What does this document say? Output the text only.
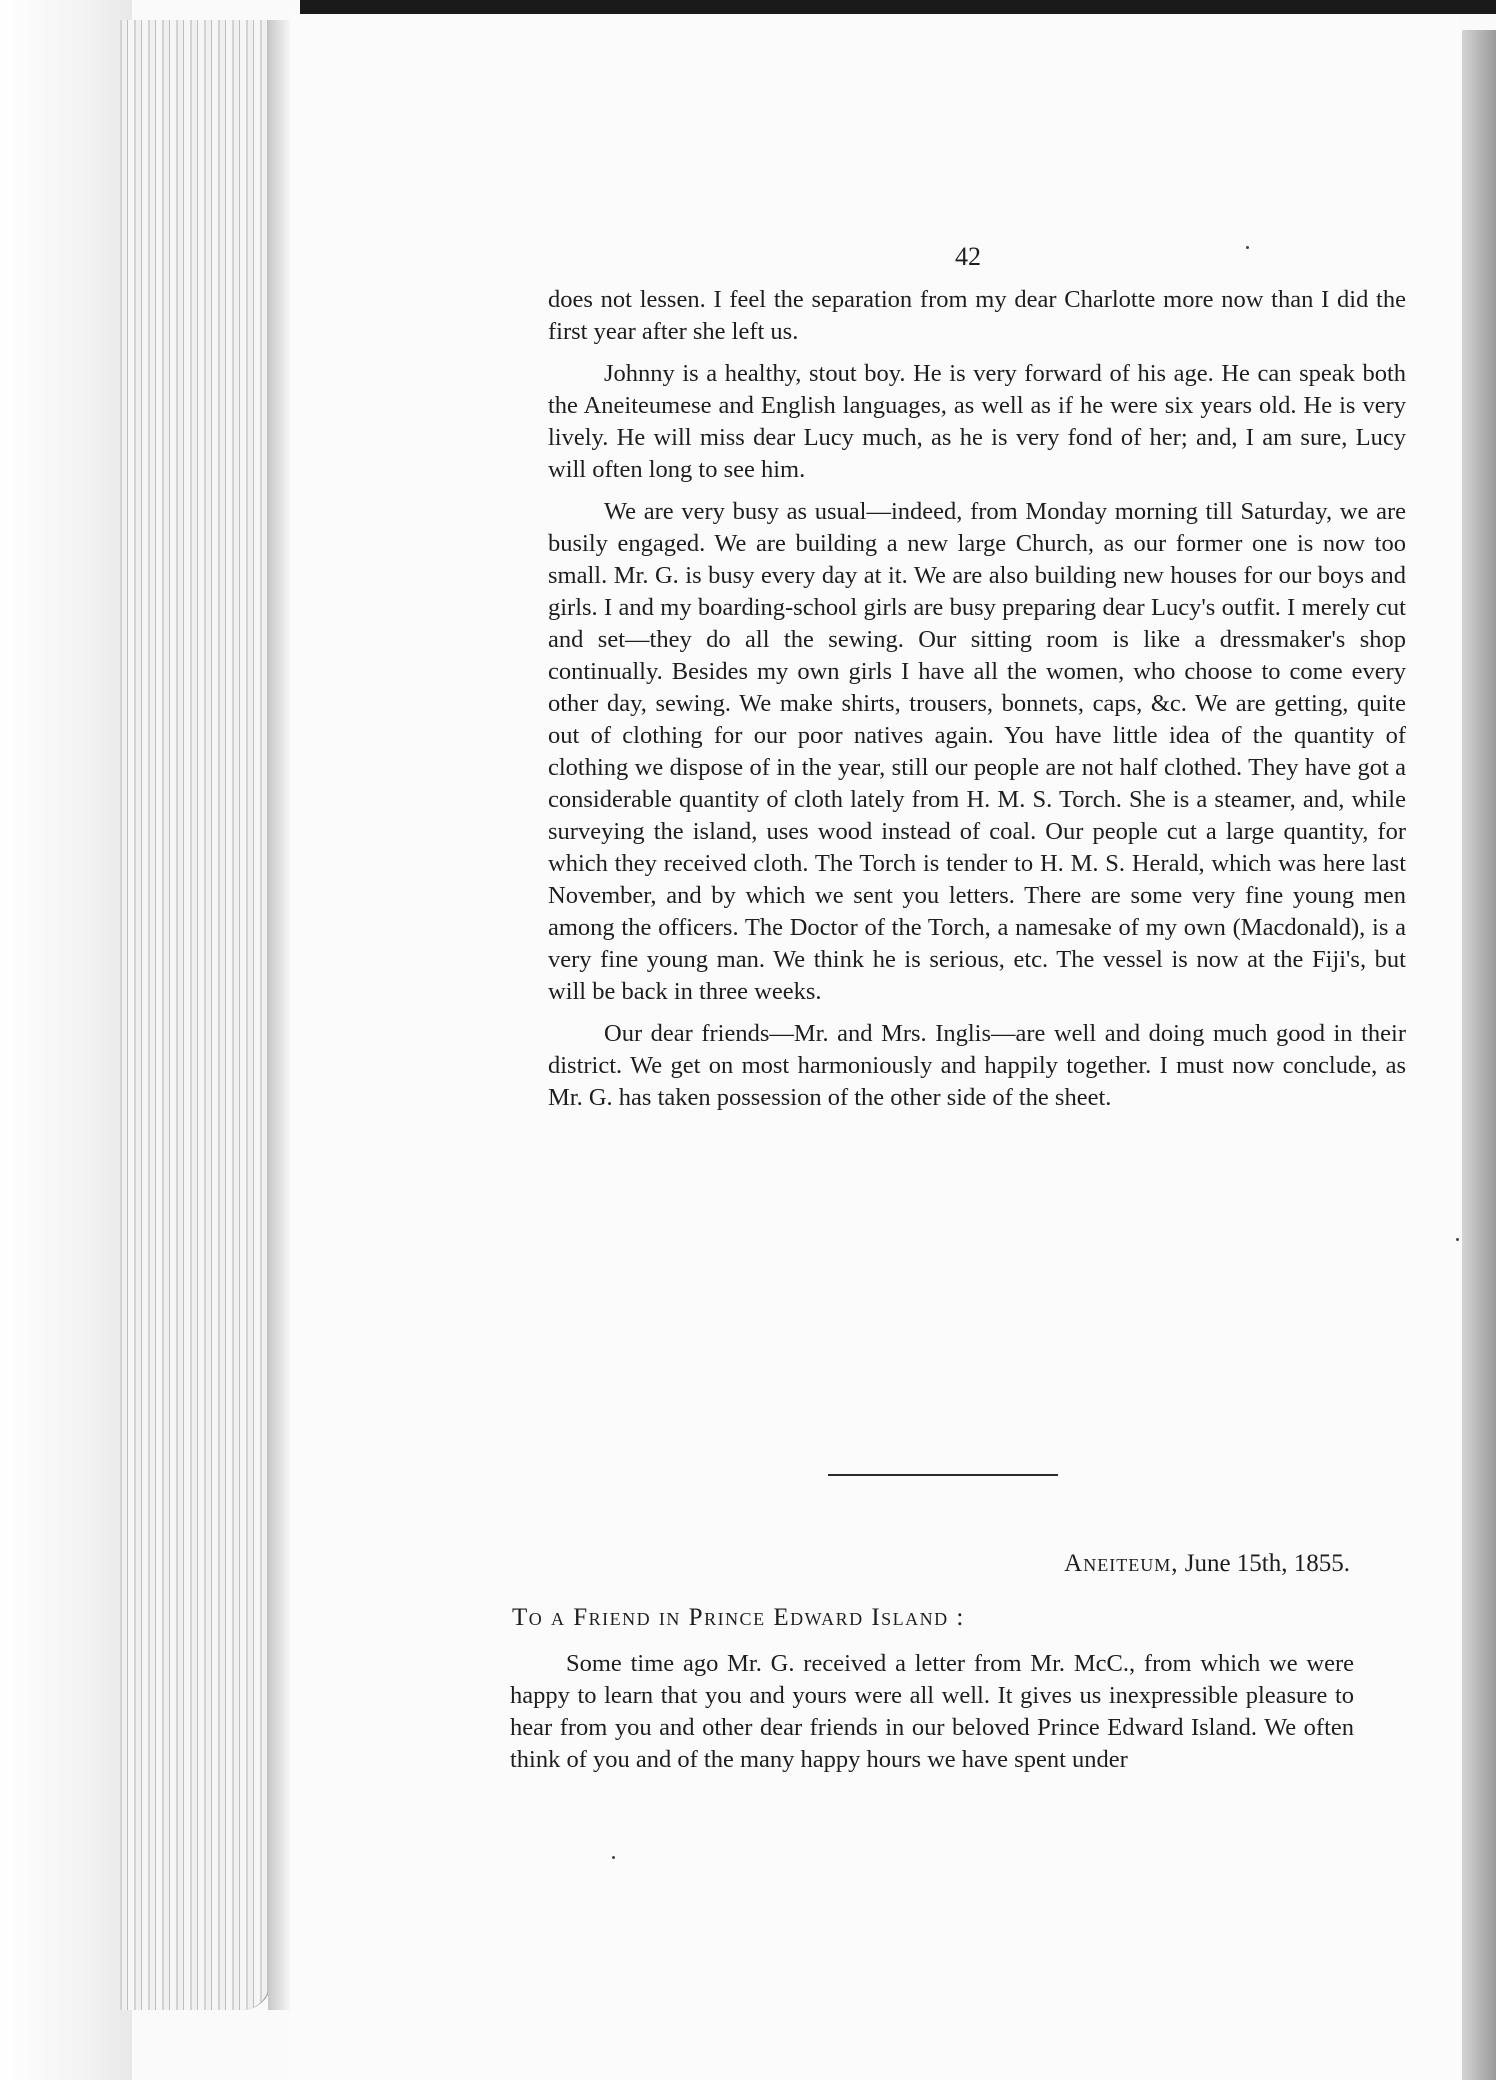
42

does not lessen. I feel the separation from my dear Charlotte more now than I did the first year after she left us.

Johnny is a healthy, stout boy. He is very forward of his age. He can speak both the Aneiteumese and English languages, as well as if he were six years old. He is very lively. He will miss dear Lucy much, as he is very fond of her; and, I am sure, Lucy will often long to see him.

We are very busy as usual—indeed, from Monday morning till Saturday, we are busily engaged. We are building a new large Church, as our former one is now too small. Mr. G. is busy every day at it. We are also building new houses for our boys and girls. I and my boarding-school girls are busy preparing dear Lucy's outfit. I merely cut and set—they do all the sewing. Our sitting room is like a dressmaker's shop continually. Besides my own girls I have all the women, who choose to come every other day, sewing. We make shirts, trousers, bonnets, caps, &c. We are getting, quite out of clothing for our poor natives again. You have little idea of the quantity of clothing we dispose of in the year, still our people are not half clothed. They have got a considerable quantity of cloth lately from H. M. S. Torch. She is a steamer, and, while surveying the island, uses wood instead of coal. Our people cut a large quantity, for which they received cloth. The Torch is tender to H. M. S. Herald, which was here last November, and by which we sent you letters. There are some very fine young men among the officers. The Doctor of the Torch, a namesake of my own (Macdonald), is a very fine young man. We think he is serious, etc. The vessel is now at the Fiji's, but will be back in three weeks.

Our dear friends—Mr. and Mrs. Inglis—are well and doing much good in their district. We get on most harmoniously and happily together. I must now conclude, as Mr. G. has taken possession of the other side of the sheet.

Aneiteum, June 15th, 1855.
To a Friend in Prince Edward Island :

Some time ago Mr. G. received a letter from Mr. McC., from which we were happy to learn that you and yours were all well. It gives us inexpressible pleasure to hear from you and other dear friends in our beloved Prince Edward Island. We often think of you and of the many happy hours we have spent under
